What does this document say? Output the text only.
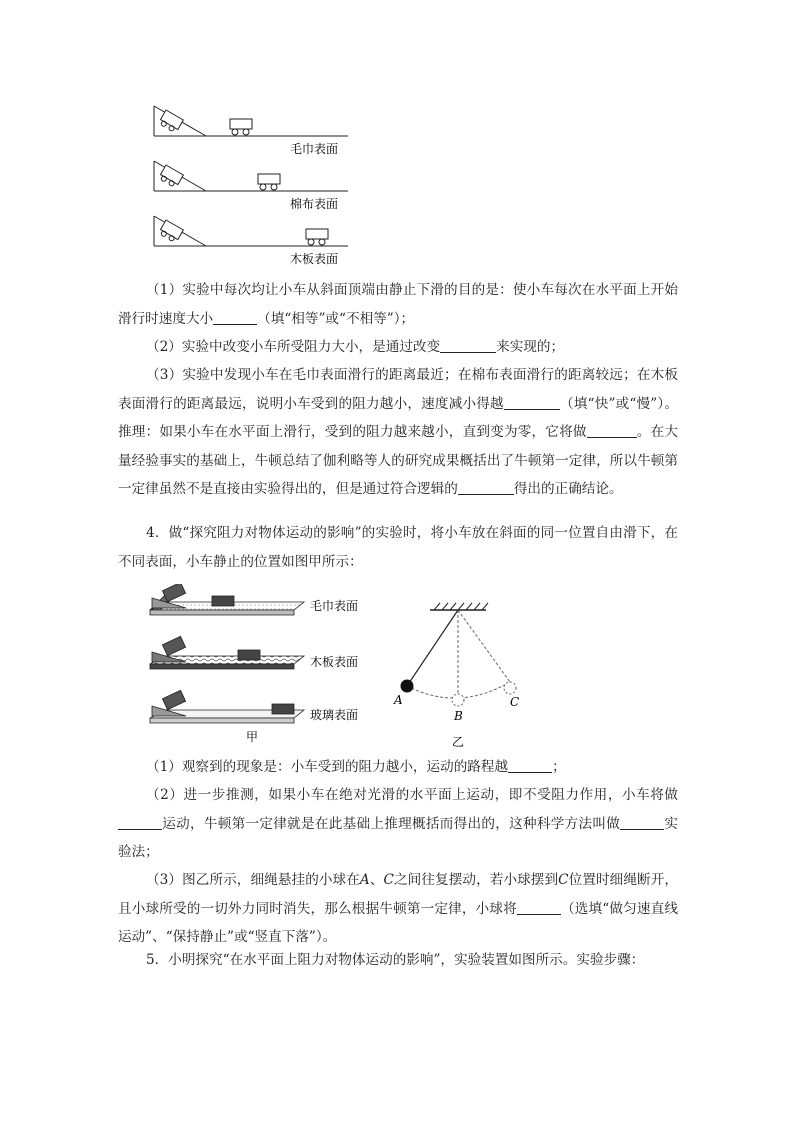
毛巾表面
棉布表面
木板表面

（1）实验中每次均让小车从斜面顶端由静止下滑的目的是：使小车每次在水平面上开始滑行时速度大小	（填“相等”或“不相等”）；

（2）实验中改变小车所受阻力大小，是通过改变	来实现的；

（3）实验中发现小车在毛巾表面滑行的距离最近；在棉布表面滑行的距离较远；在木板表面滑行的距离最远，说明小车受到的阻力越小，速度减小得越	（填“快”或“慢”）。推理：如果小车在水平面上滑行，受到的阻力越来越小，直到变为零，它将做	。在大量经验事实的基础上，牛顿总结了伽利略等人的研究成果概括出了牛顿第一定律，所以牛顿第一定律虽然不是直接由实验得出的，但是通过符合逻辑的	得出的正确结论。

4．做“探究阻力对物体运动的影响”的实验时，将小车放在斜面的同一位置自由滑下，在不同表面，小车静止的位置如图甲所示：

毛巾表面
木板表面
玻璃表面
甲
A
B
C
乙

（1）观察到的现象是：小车受到的阻力越小，运动的路程越	；

（2）进一步推测，如果小车在绝对光滑的水平面上运动，即不受阻力作用，小车将做运动，牛顿第一定律就是在此基础上推理概括而得出的，这种科学方法叫做	实验法；

（3）图乙所示，细绳悬挂的小球在A、C之间往复摆动，若小球摆到C位置时细绳断开，且小球所受的一切外力同时消失，那么根据牛顿第一定律，小球将	（选填“做匀速直线运动”、“保持静止”或“竖直下落”）。

5．小明探究“在水平面上阻力对物体运动的影响”，实验装置如图所示。实验步骤：
